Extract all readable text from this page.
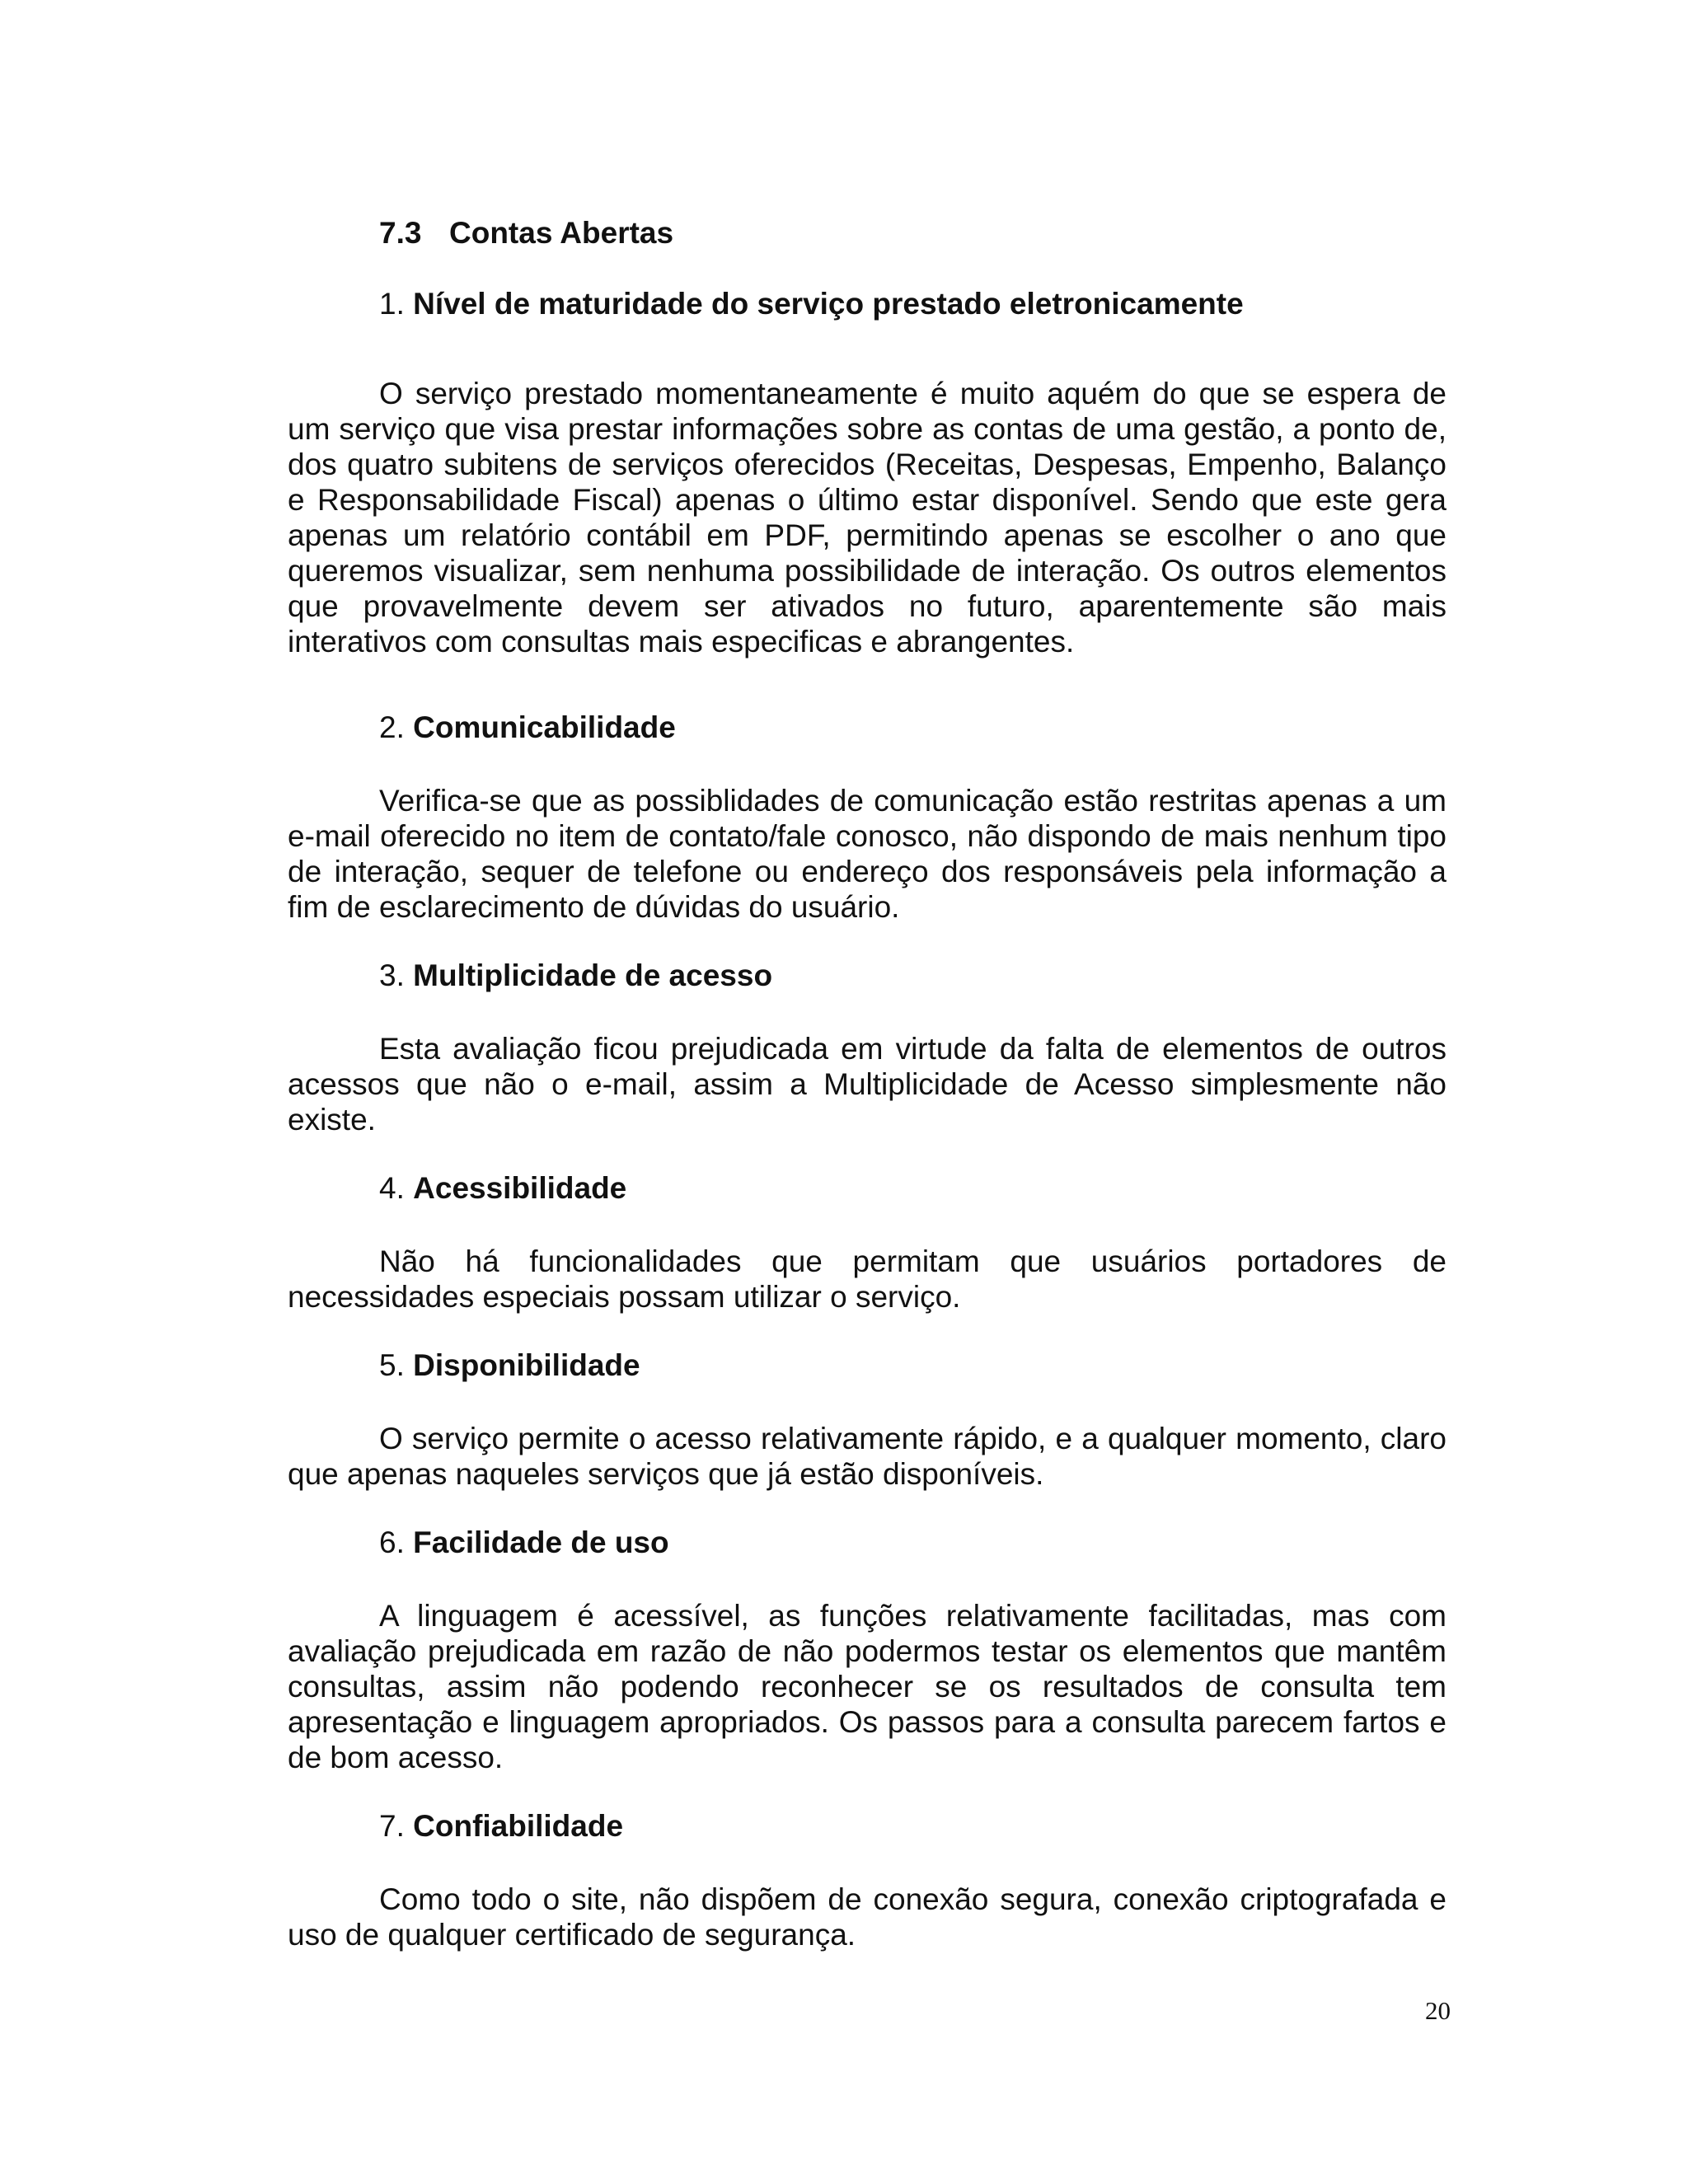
7.3 Contas Abertas
1. Nível de maturidade do serviço prestado eletronicamente

O serviço prestado momentaneamente é muito aquém do que se espera de um serviço que visa prestar informações sobre as contas de uma gestão, a ponto de, dos quatro subitens de serviços oferecidos (Receitas, Despesas, Empenho, Balanço e Responsabilidade Fiscal) apenas o último estar disponível. Sendo que este gera apenas um relatório contábil em PDF, permitindo apenas se escolher o ano que queremos visualizar, sem nenhuma possibilidade de interação. Os outros elementos que provavelmente devem ser ativados no futuro, aparentemente são mais interativos com consultas mais especificas e abrangentes.

2. Comunicabilidade

Verifica-se que as possiblidades de comunicação estão restritas apenas a um e-mail oferecido no item de contato/fale conosco, não dispondo de mais nenhum tipo de interação, sequer de telefone ou endereço dos responsáveis pela informação a fim de esclarecimento de dúvidas do usuário.

3. Multiplicidade de acesso

Esta avaliação ficou prejudicada em virtude da falta de elementos de outros acessos que não o e-mail, assim a Multiplicidade de Acesso simplesmente não existe.

4. Acessibilidade

Não há funcionalidades que permitam que usuários portadores de necessidades especiais possam utilizar o serviço.

5. Disponibilidade

O serviço permite o acesso relativamente rápido, e a qualquer momento, claro que apenas naqueles serviços que já estão disponíveis.

6. Facilidade de uso

A linguagem é acessível, as funções relativamente facilitadas, mas com avaliação prejudicada em razão de não podermos testar os elementos que mantêm consultas, assim não podendo reconhecer se os resultados de consulta tem apresentação e linguagem apropriados. Os passos para a consulta parecem fartos e de bom acesso.

7. Confiabilidade

Como todo o site, não dispõem de conexão segura, conexão criptografada e uso de qualquer certificado de segurança.

20
